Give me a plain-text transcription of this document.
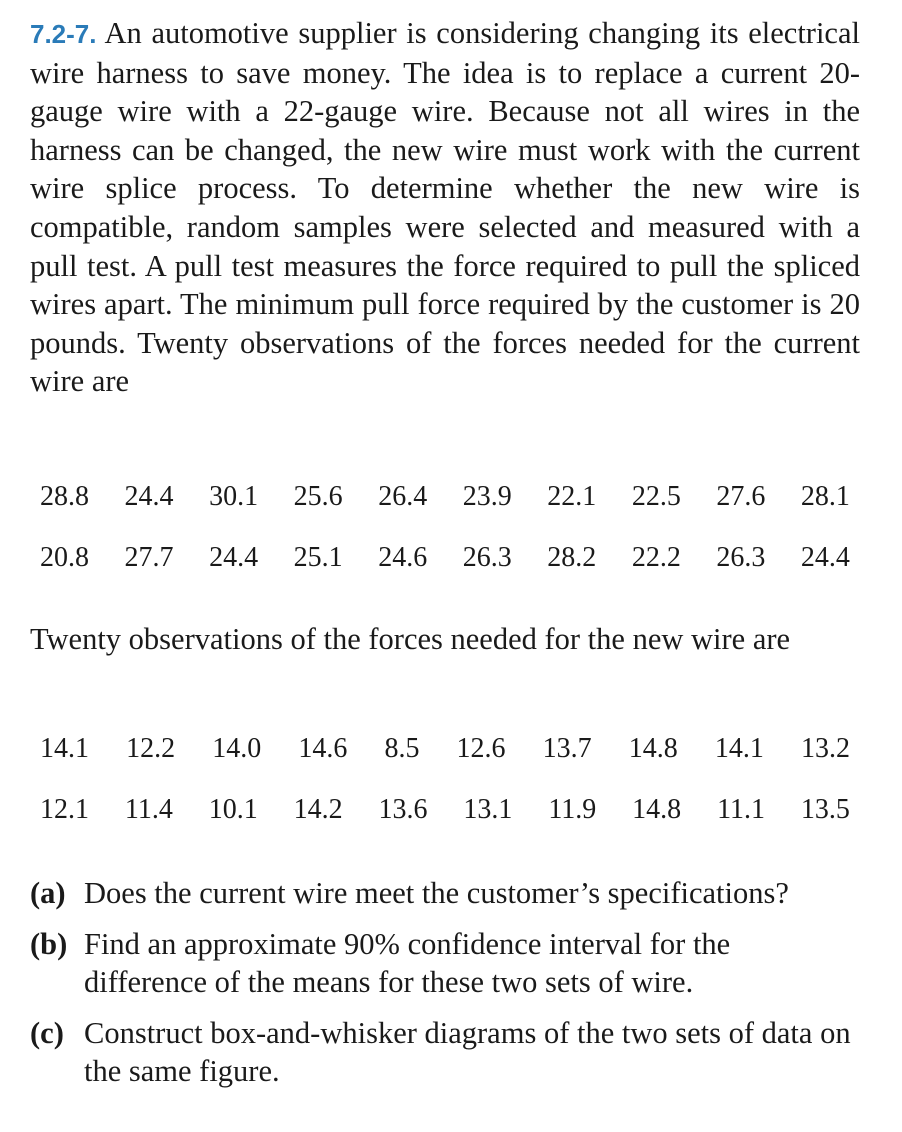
7.2-7. An automotive supplier is considering changing its electrical wire harness to save money. The idea is to replace a current 20-gauge wire with a 22-gauge wire. Because not all wires in the harness can be changed, the new wire must work with the current wire splice process. To determine whether the new wire is compatible, random samples were selected and measured with a pull test. A pull test measures the force required to pull the spliced wires apart. The minimum pull force required by the customer is 20 pounds. Twenty observations of the forces needed for the current wire are

28.8 24.4 30.1 25.6 26.4 23.9 22.1 22.5 27.6 28.1
20.8 27.7 24.4 25.1 24.6 26.3 28.2 22.2 26.3 24.4

Twenty observations of the forces needed for the new wire are

14.1 12.2 14.0 14.6 8.5 12.6 13.7 14.8 14.1 13.2
12.1 11.4 10.1 14.2 13.6 13.1 11.9 14.8 11.1 13.5
(a) Does the current wire meet the customer’s specifications?
(b) Find an approximate 90% confidence interval for the difference of the means for these two sets of wire.
(c) Construct box-and-whisker diagrams of the two sets of data on the same figure.
